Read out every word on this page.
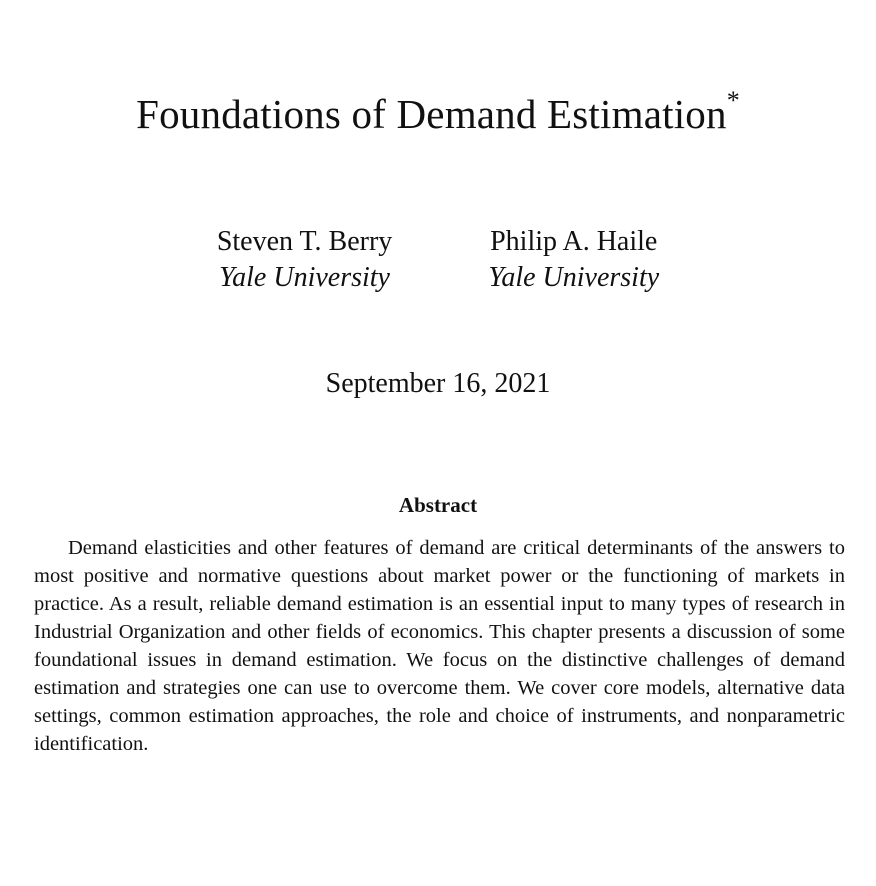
Foundations of Demand Estimation*
Steven T. Berry
Yale University
Philip A. Haile
Yale University
September 16, 2021
Abstract

Demand elasticities and other features of demand are critical determinants of the answers to most positive and normative questions about market power or the functioning of markets in practice. As a result, reliable demand estimation is an essential input to many types of research in Industrial Organization and other fields of economics. This chapter presents a discussion of some foundational issues in demand estimation. We focus on the distinctive challenges of demand estimation and strategies one can use to overcome them. We cover core models, alternative data settings, common estimation approaches, the role and choice of instruments, and nonparametric identification.
